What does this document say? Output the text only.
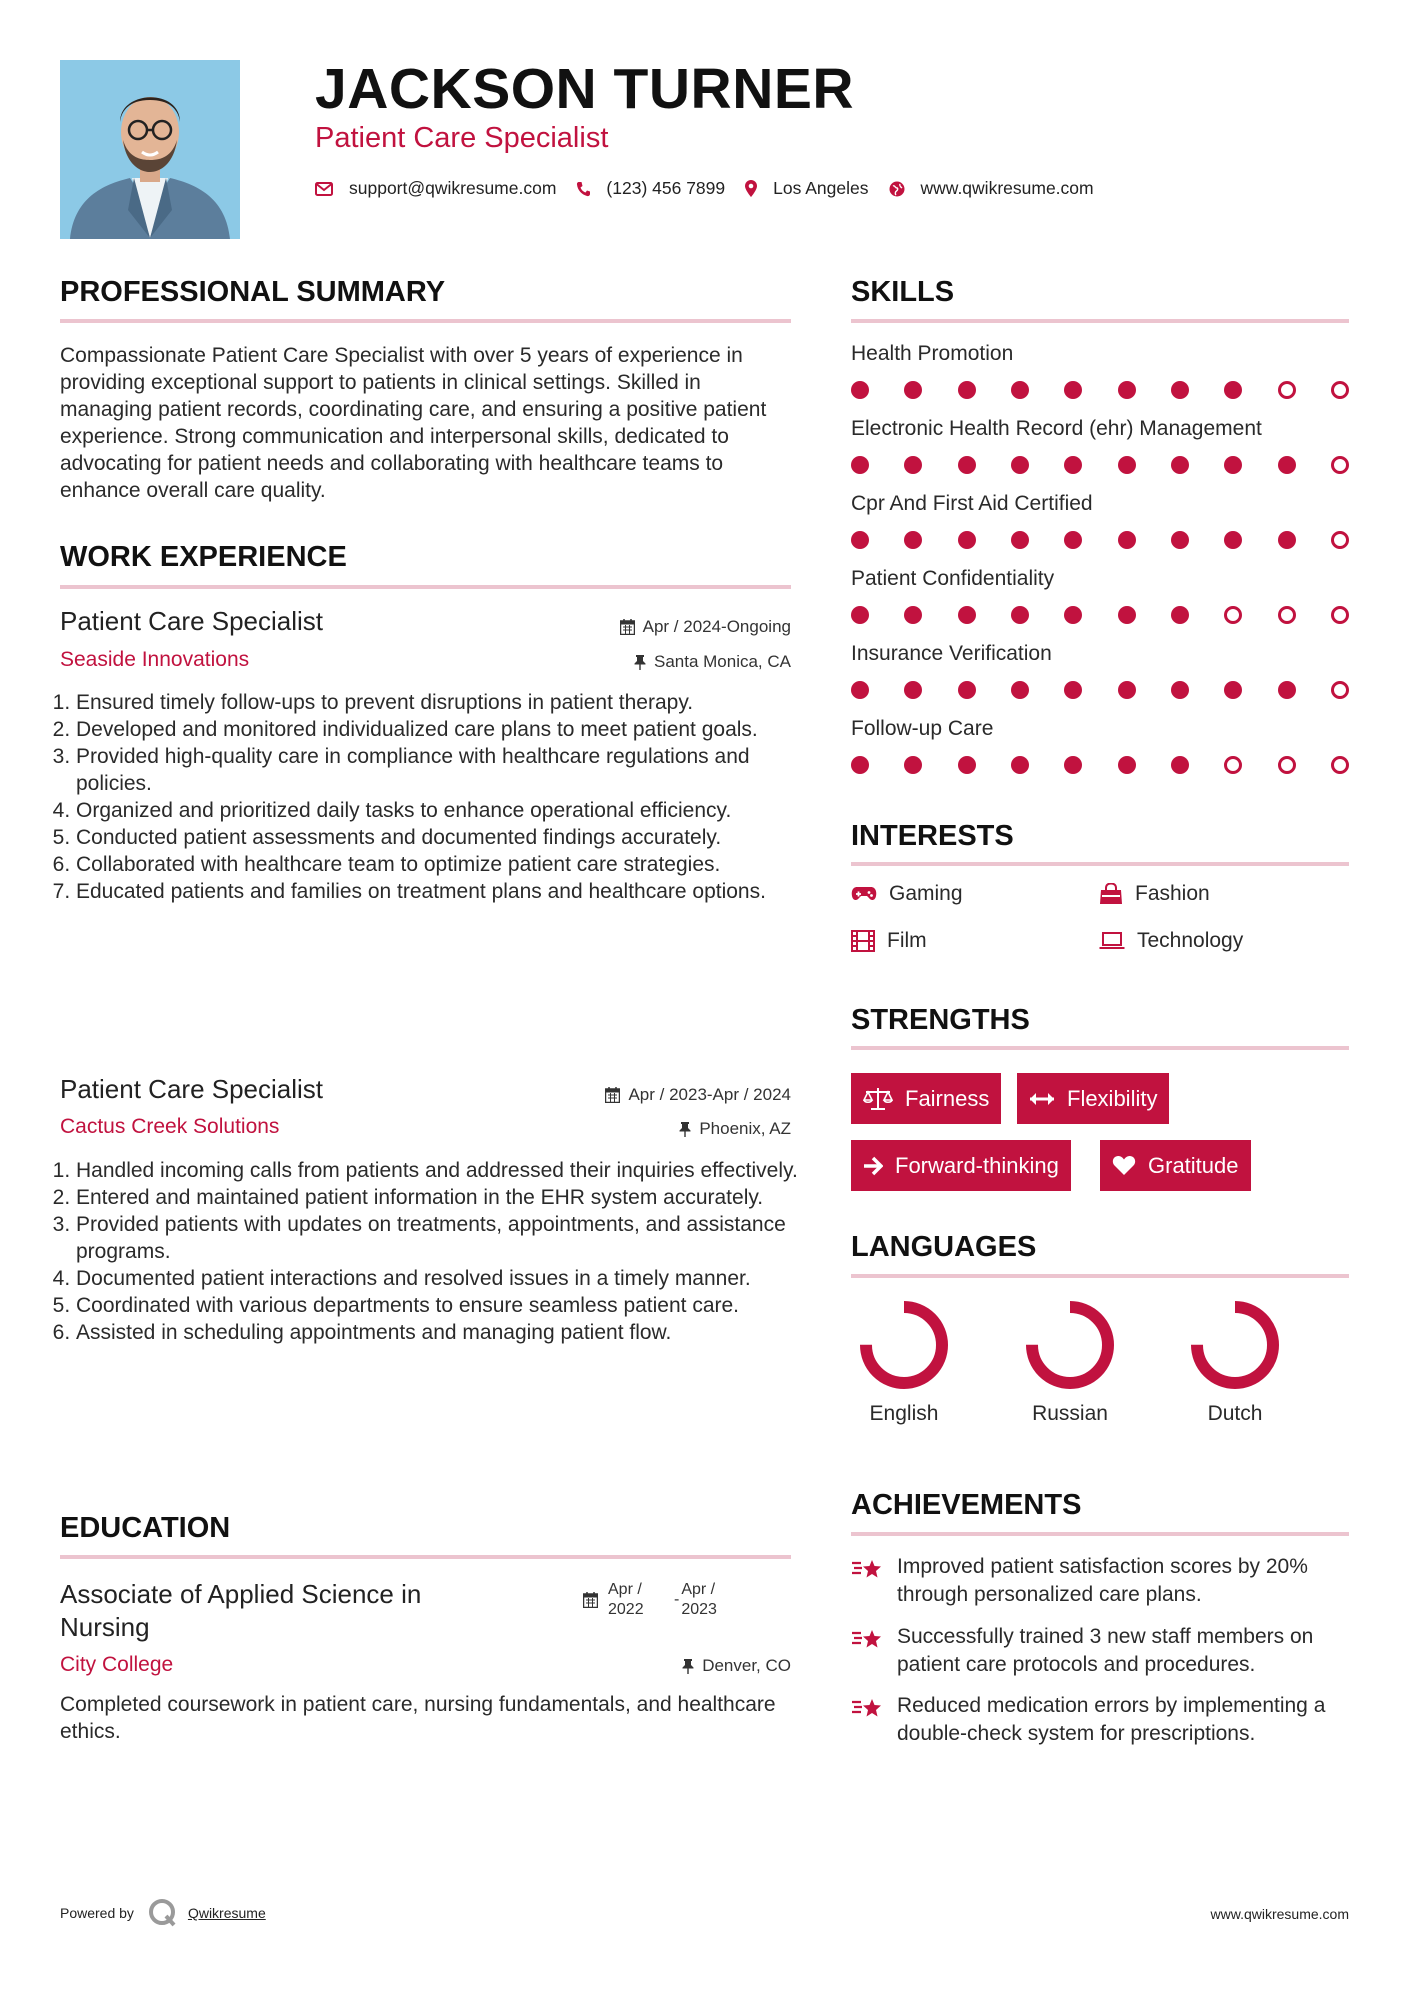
JACKSON TURNER
Patient Care Specialist
support@qwikresume.com	(123) 456 7899	Los Angeles	www.qwikresume.com
PROFESSIONAL SUMMARY
Compassionate Patient Care Specialist with over 5 years of experience in providing exceptional support to patients in clinical settings. Skilled in managing patient records, coordinating care, and ensuring a positive patient experience. Strong communication and interpersonal skills, dedicated to advocating for patient needs and collaborating with healthcare teams to enhance overall care quality.
WORK EXPERIENCE
Patient Care Specialist	Apr / 2024-Ongoing
Seaside Innovations	Santa Monica, CA
1. Ensured timely follow-ups to prevent disruptions in patient therapy.
2. Developed and monitored individualized care plans to meet patient goals.
3. Provided high-quality care in compliance with healthcare regulations and policies.
4. Organized and prioritized daily tasks to enhance operational efficiency.
5. Conducted patient assessments and documented findings accurately.
6. Collaborated with healthcare team to optimize patient care strategies.
7. Educated patients and families on treatment plans and healthcare options.
Patient Care Specialist	Apr / 2023-Apr / 2024
Cactus Creek Solutions	Phoenix, AZ
1. Handled incoming calls from patients and addressed their inquiries effectively.
2. Entered and maintained patient information in the EHR system accurately.
3. Provided patients with updates on treatments, appointments, and assistance programs.
4. Documented patient interactions and resolved issues in a timely manner.
5. Coordinated with various departments to ensure seamless patient care.
6. Assisted in scheduling appointments and managing patient flow.
EDUCATION
Associate of Applied Science in Nursing
Apr / 2022
-
Apr / 2023
City College	Denver, CO
Completed coursework in patient care, nursing fundamentals, and healthcare ethics.
SKILLS
Health Promotion
Electronic Health Record (ehr) Management
Cpr And First Aid Certified
Patient Confidentiality
Insurance Verification
Follow-up Care
INTERESTS
Gaming	Fashion
Film	Technology
STRENGTHS
Fairness	Flexibility
Forward-thinking	Gratitude
LANGUAGES
English	Russian	Dutch
ACHIEVEMENTS
Improved patient satisfaction scores by 20% through personalized care plans.
Successfully trained 3 new staff members on patient care protocols and procedures.
Reduced medication errors by implementing a double-check system for prescriptions.
Powered by	Qwikresume	www.qwikresume.com
